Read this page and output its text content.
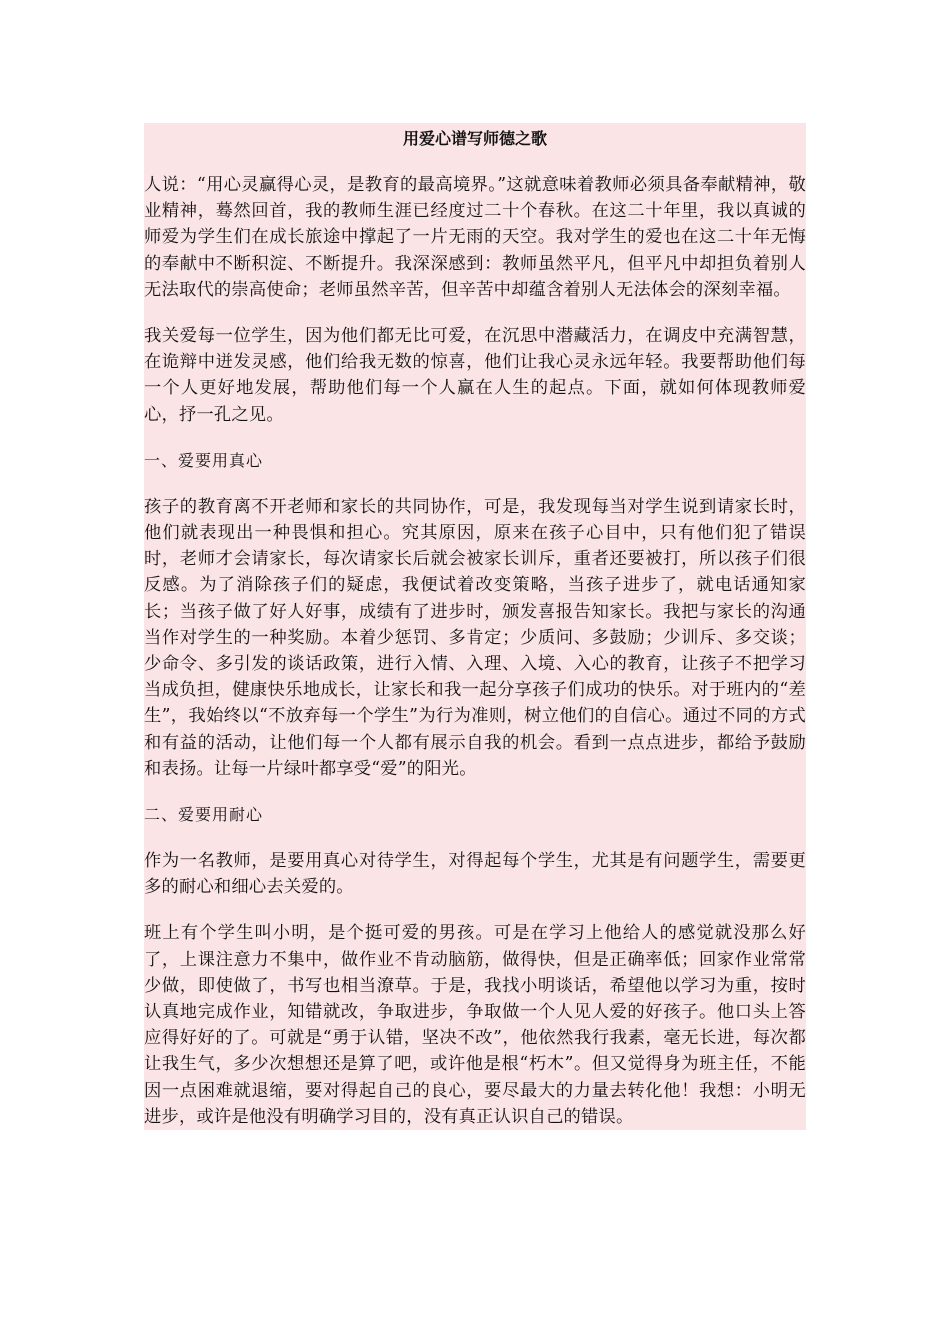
用爱心谱写师德之歌

人说：“用心灵赢得心灵，是教育的最高境界。”这就意味着教师必须具备奉献精神，敬业精神，蓦然回首，我的教师生涯已经度过二十个春秋。在这二十年里，我以真诚的师爱为学生们在成长旅途中撑起了一片无雨的天空。我对学生的爱也在这二十年无悔的奉献中不断积淀、不断提升。我深深感到：教师虽然平凡，但平凡中却担负着别人无法取代的崇高使命；老师虽然辛苦，但辛苦中却蕴含着别人无法体会的深刻幸福。

我关爱每一位学生，因为他们都无比可爱，在沉思中潜藏活力，在调皮中充满智慧，在诡辩中迸发灵感，他们给我无数的惊喜，他们让我心灵永远年轻。我要帮助他们每一个人更好地发展，帮助他们每一个人赢在人生的起点。下面，就如何体现教师爱心，抒一孔之见。

一、爱要用真心

孩子的教育离不开老师和家长的共同协作，可是，我发现每当对学生说到请家长时，他们就表现出一种畏惧和担心。究其原因，原来在孩子心目中，只有他们犯了错误时，老师才会请家长，每次请家长后就会被家长训斥，重者还要被打，所以孩子们很反感。为了消除孩子们的疑虑，我便试着改变策略，当孩子进步了，就电话通知家长；当孩子做了好人好事，成绩有了进步时，颁发喜报告知家长。我把与家长的沟通当作对学生的一种奖励。本着少惩罚、多肯定；少质问、多鼓励；少训斥、多交谈；少命令、多引发的谈话政策，进行入情、入理、入境、入心的教育，让孩子不把学习当成负担，健康快乐地成长，让家长和我一起分享孩子们成功的快乐。对于班内的“差生”，我始终以“不放弃每一个学生”为行为准则，树立他们的自信心。通过不同的方式和有益的活动，让他们每一个人都有展示自我的机会。看到一点点进步，都给予鼓励和表扬。让每一片绿叶都享受“爱”的阳光。

二、爱要用耐心

作为一名教师，是要用真心对待学生，对得起每个学生，尤其是有问题学生，需要更多的耐心和细心去关爱的。

班上有个学生叫小明，是个挺可爱的男孩。可是在学习上他给人的感觉就没那么好了，上课注意力不集中，做作业不肯动脑筋，做得快，但是正确率低；回家作业常常少做，即使做了，书写也相当潦草。于是，我找小明谈话，希望他以学习为重，按时认真地完成作业，知错就改，争取进步，争取做一个人见人爱的好孩子。他口头上答应得好好的了。可就是“勇于认错，坚决不改”，他依然我行我素，毫无长进，每次都让我生气，多少次想想还是算了吧，或许他是根“朽木”。但又觉得身为班主任，不能因一点困难就退缩，要对得起自己的良心，要尽最大的力量去转化他！我想：小明无进步，或许是他没有明确学习目的，没有真正认识自己的错误。
